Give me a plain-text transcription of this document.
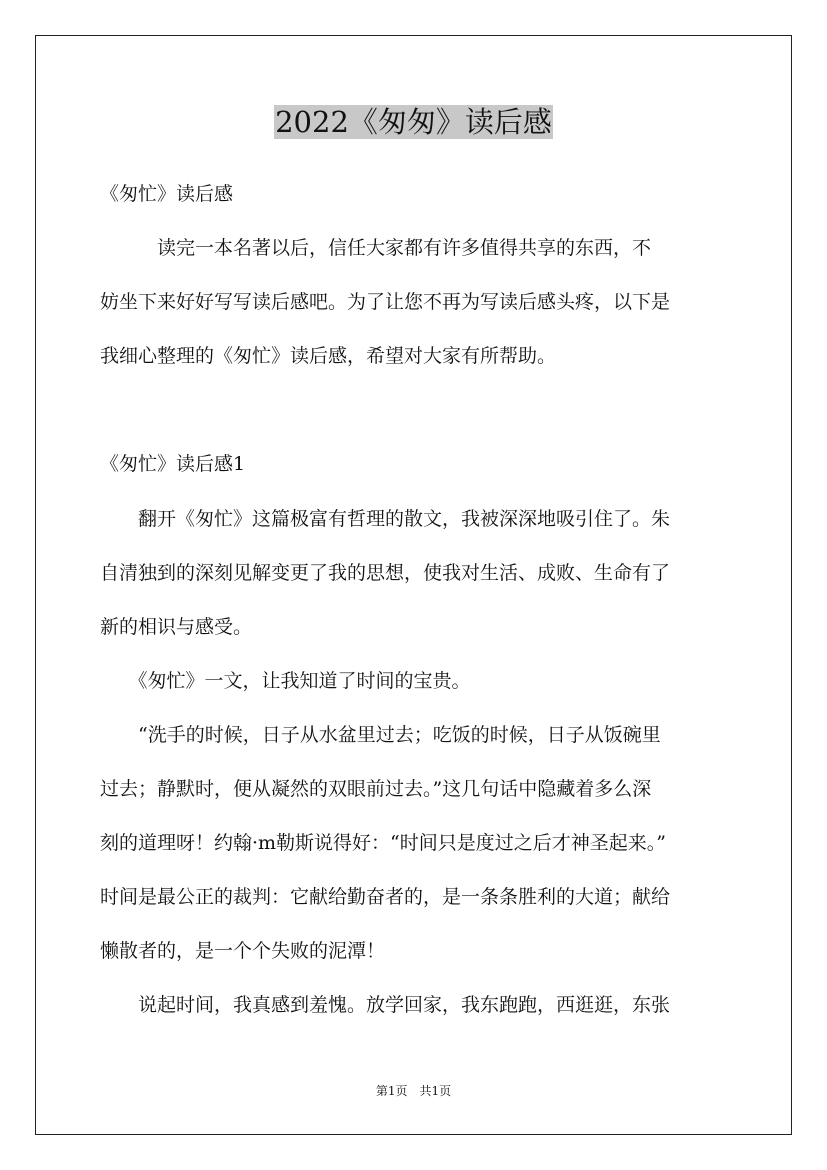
2022《匆匆》读后感
《匆忙》读后感
　　　读完一本名著以后，信任大家都有许多值得共享的东西，不
妨坐下来好好写写读后感吧。为了让您不再为写读后感头疼，以下是
我细心整理的《匆忙》读后感，希望对大家有所帮助。
《匆忙》读后感1
　　翻开《匆忙》这篇极富有哲理的散文，我被深深地吸引住了。朱
自清独到的深刻见解变更了我的思想，使我对生活、成败、生命有了
新的相识与感受。
　　《匆忙》一文，让我知道了时间的宝贵。
　　“洗手的时候，日子从水盆里过去；吃饭的时候，日子从饭碗里
过去；静默时，便从凝然的双眼前过去。”这几句话中隐藏着多么深
刻的道理呀！约翰·m勒斯说得好：“时间只是度过之后才神圣起来。”
时间是最公正的裁判：它献给勤奋者的，是一条条胜利的大道；献给
懒散者的，是一个个失败的泥潭！
　　说起时间，我真感到羞愧。放学回家，我东跑跑，西逛逛，东张
第1页　共1页
